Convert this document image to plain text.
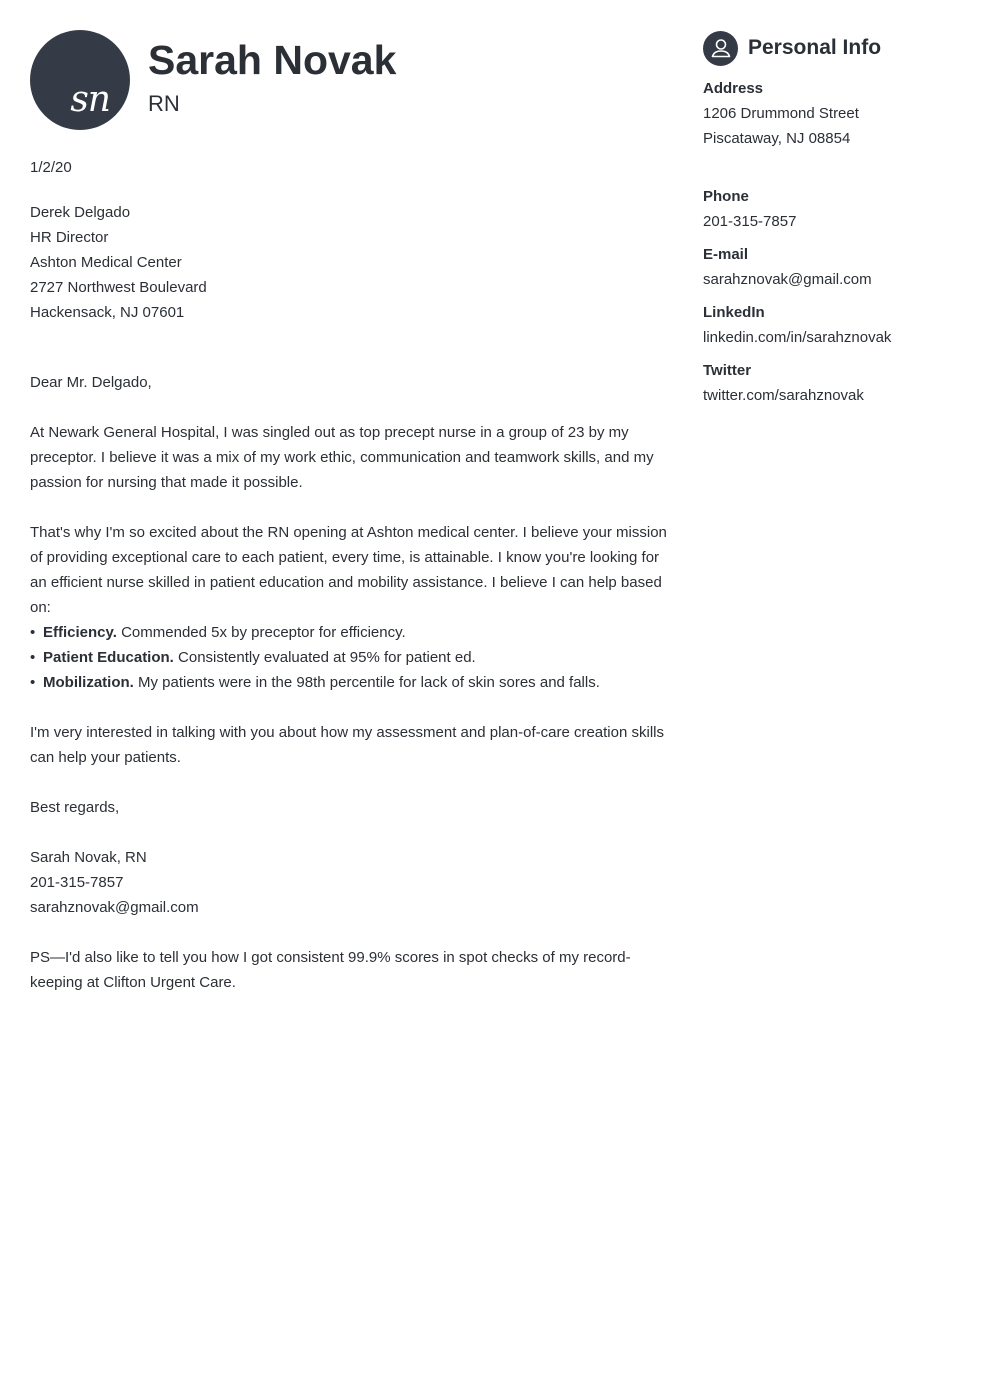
sn
Sarah Novak
RN
1/2/20
Derek Delgado
HR Director
Ashton Medical Center
2727 Northwest Boulevard
Hackensack, NJ 07601

Dear Mr. Delgado,

At Newark General Hospital, I was singled out as top precept nurse in a group of 23 by my preceptor. I believe it was a mix of my work ethic, communication and teamwork skills, and my passion for nursing that made it possible.

That's why I'm so excited about the RN opening at Ashton medical center. I believe your mission of providing exceptional care to each patient, every time, is attainable. I know you're looking for an efficient nurse skilled in patient education and mobility assistance. I believe I can help based on:

• Efficiency. Commended 5x by preceptor for efficiency.
• Patient Education. Consistently evaluated at 95% for patient ed.
• Mobilization. My patients were in the 98th percentile for lack of skin sores and falls.

I'm very interested in talking with you about how my assessment and plan-of-care creation skills can help your patients.

Best regards,
Sarah Novak, RN
201-315-7857
sarahznovak@gmail.com

PS—I'd also like to tell you how I got consistent 99.9% scores in spot checks of my record-keeping at Clifton Urgent Care.

Personal Info
Address
1206 Drummond Street
Piscataway, NJ 08854
Phone
201-315-7857
E-mail
sarahznovak@gmail.com
LinkedIn
linkedin.com/in/sarahznovak
Twitter
twitter.com/sarahznovak
